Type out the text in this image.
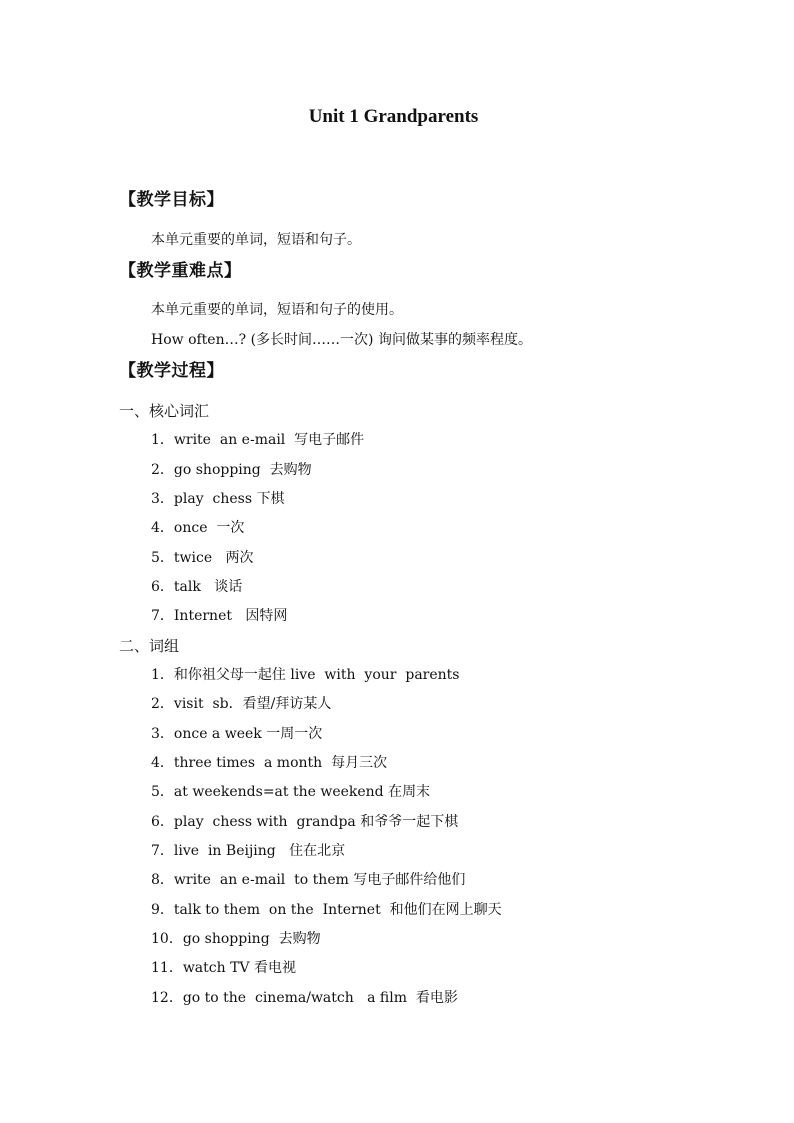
Unit 1 Grandparents
【教学目标】
本单元重要的单词，短语和句子。
【教学重难点】
本单元重要的单词，短语和句子的使用。
How often…? (多长时间……一次) 询问做某事的频率程度。
【教学过程】
一、核心词汇
1．write  an e-mail  写电子邮件
2．go shopping  去购物
3．play  chess 下棋
4．once  一次
5．twice   两次
6．talk   谈话
7．Internet   因特网
二、词组
1．和你祖父母一起住 live  with  your  parents
2．visit  sb．看望/拜访某人
3．once a week 一周一次
4．three times  a month  每月三次
5．at weekends=at the weekend 在周末
6．play  chess with  grandpa 和爷爷一起下棋
7．live  in Beijing   住在北京
8．write  an e-mail  to them 写电子邮件给他们
9．talk to them  on the  Internet  和他们在网上聊天
10．go shopping  去购物
11．watch TV 看电视
12．go to the  cinema/watch   a film  看电影
